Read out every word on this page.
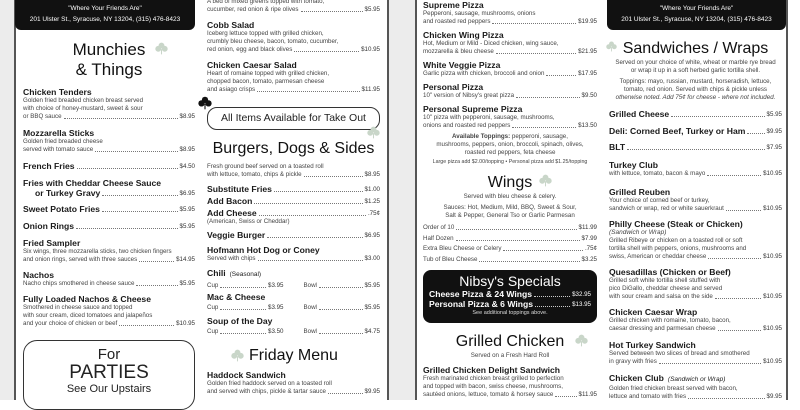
"Where Your Friends Are"
201 Ulster St., Syracuse, NY 13204, (315) 476-8423
"Where Your Friends Are"
201 Ulster St., Syracuse, NY 13204, (315) 476-8423
Munchies
& Things
For
PARTIES
See Our Upstairs
Chicken Tenders
Golden fried breaded chicken breast served
with choice of honey-mustard, sweet & sour
or BBQ sauce	$8.95
Mozzarella Sticks
Golden fried breaded cheese
served with tomato sauce	$8.95
French Fries	$4.50
Fries with Cheddar Cheese Sauce
or Turkey Gravy	$6.95
Sweet Potato Fries	$5.95
Onion Rings	$5.95
Fried Sampler
Six wings, three mozzarella sticks, two chicken fingers
and onion rings, served with three sauces	$14.95
Nachos
Nacho chips smothered in cheese sauce	$5.95
Fully Loaded Nachos & Cheese
Smothered in cheese sauce and topped
with sour cream, diced tomatoes and jalapeños
and your choice of chicken or beef	$10.95
All Items Available for Take Out
Burgers, Dogs & Sides
Friday Menu
A bed of mixed greens topped with tomato,
cucumber, red onion & ripe olives	$5.95
Cobb Salad
Iceberg lettuce topped with grilled chicken,
crumbly bleu cheese, bacon, tomato, cucumber,
red onion, egg and black olives	$10.95
Chicken Caesar Salad
Heart of romaine topped with grilled chicken,
chopped bacon, tomato, parmesan cheese
and asiago crisps	$11.95
Fresh ground beef served on a toasted roll
with lettuce, tomato, chips & pickle	$8.95
Substitute Fries	$1.00
Add Bacon	$1.25
Add Cheese	.75¢
(American, Swiss or Cheddar)
Veggie Burger	$6.95
Hofmann Hot Dog or Coney
Served with chips	$3.00
Chili (Seasonal)
Cup	$3.95	Bowl	$5.95
Mac & Cheese
Cup	$3.95	Bowl	$5.95
Soup of the Day
Cup	$3.50	Bowl	$4.75
Haddock Sandwich
Golden fried haddock served on a toasted roll
and served with chips, pickle & tartar sauce	$9.95
Available Toppings: pepperoni, sausage,
mushrooms, peppers, onion, broccoli, spinach, olives,
roasted red peppers, feta cheese
Large pizza add $2.00/topping • Personal pizza add $1.25/topping
Wings
Served with bleu cheese & celery.
Sauces: Hot, Medium, Mild, BBQ, Sweet & Sour,
Salt & Pepper, General Tso or Garlic Parmesan
Nibsy's Specials
Cheese Pizza & 24 Wings	$32.95
Personal Pizza & 6 Wings	$13.95
See additional toppings above.
Grilled Chicken
Served on a Fresh Hard Roll
Supreme Pizza
Pepperoni, sausage, mushrooms, onions
and roasted red peppers	$19.95
Chicken Wing Pizza
Hot, Medium or Mild - Diced chicken, wing sauce,
mozzarella & bleu cheese	$21.95
White Veggie Pizza
Garlic pizza with chicken, broccoli and onion	$17.95
Personal Pizza
10" version of Nibsy's great pizza	$9.50
Personal Supreme Pizza
10" pizza with pepperoni, sausage, mushrooms,
onions and roasted red peppers	$13.50
Grilled Chicken Delight Sandwich
Fresh marinated chicken breast grilled to perfection
and topped with bacon, swiss cheese, mushrooms,
sautéed onions, lettuce, tomato & horsey sauce	$11.95
Order of 10	$11.99
Half Dozen	$7.99
Extra Bleu Cheese or Celery	.75¢
Tub of Bleu Cheese	$3.25
Sandwiches / Wraps
Served on your choice of white, wheat or marble rye bread
or wrap it up in a soft herbed garlic tortilla shell.
Toppings: mayo, russian, mustard, horseradish, lettuce,
tomato, red onion. Served with chips & pickle unless
otherwise noted. Add 75¢ for cheese - where not included.
Grilled Cheese	$5.95
Deli: Corned Beef, Turkey or Ham	$9.95
BLT	$7.95
Turkey Club
with lettuce, tomato, bacon & mayo	$10.95
Grilled Reuben
Your choice of corned beef or turkey,
sandwich or wrap, red or white sauerkraut	$10.95
Philly Cheese (Steak or Chicken)
(Sandwich or Wrap)
Grilled Ribeye or chicken on a toasted roll or soft
tortilla shell with peppers, onions, mushrooms and
swiss, American or cheddar cheese	$10.95
Quesadillas (Chicken or Beef)
Grilled soft white tortilla shell stuffed with
pico DiGallo, cheddar cheese and served
with sour cream and salsa on the side	$10.95
Chicken Caesar Wrap
Grilled chicken with romaine, tomato, bacon,
caesar dressing and parmesan cheese	$10.95
Hot Turkey Sandwich
Served between two slices of bread and smothered
in gravy with fries	$10.95
Chicken Club (Sandwich or Wrap)
Golden fried chicken breast served with bacon,
lettuce and tomato with fries	$9.95
